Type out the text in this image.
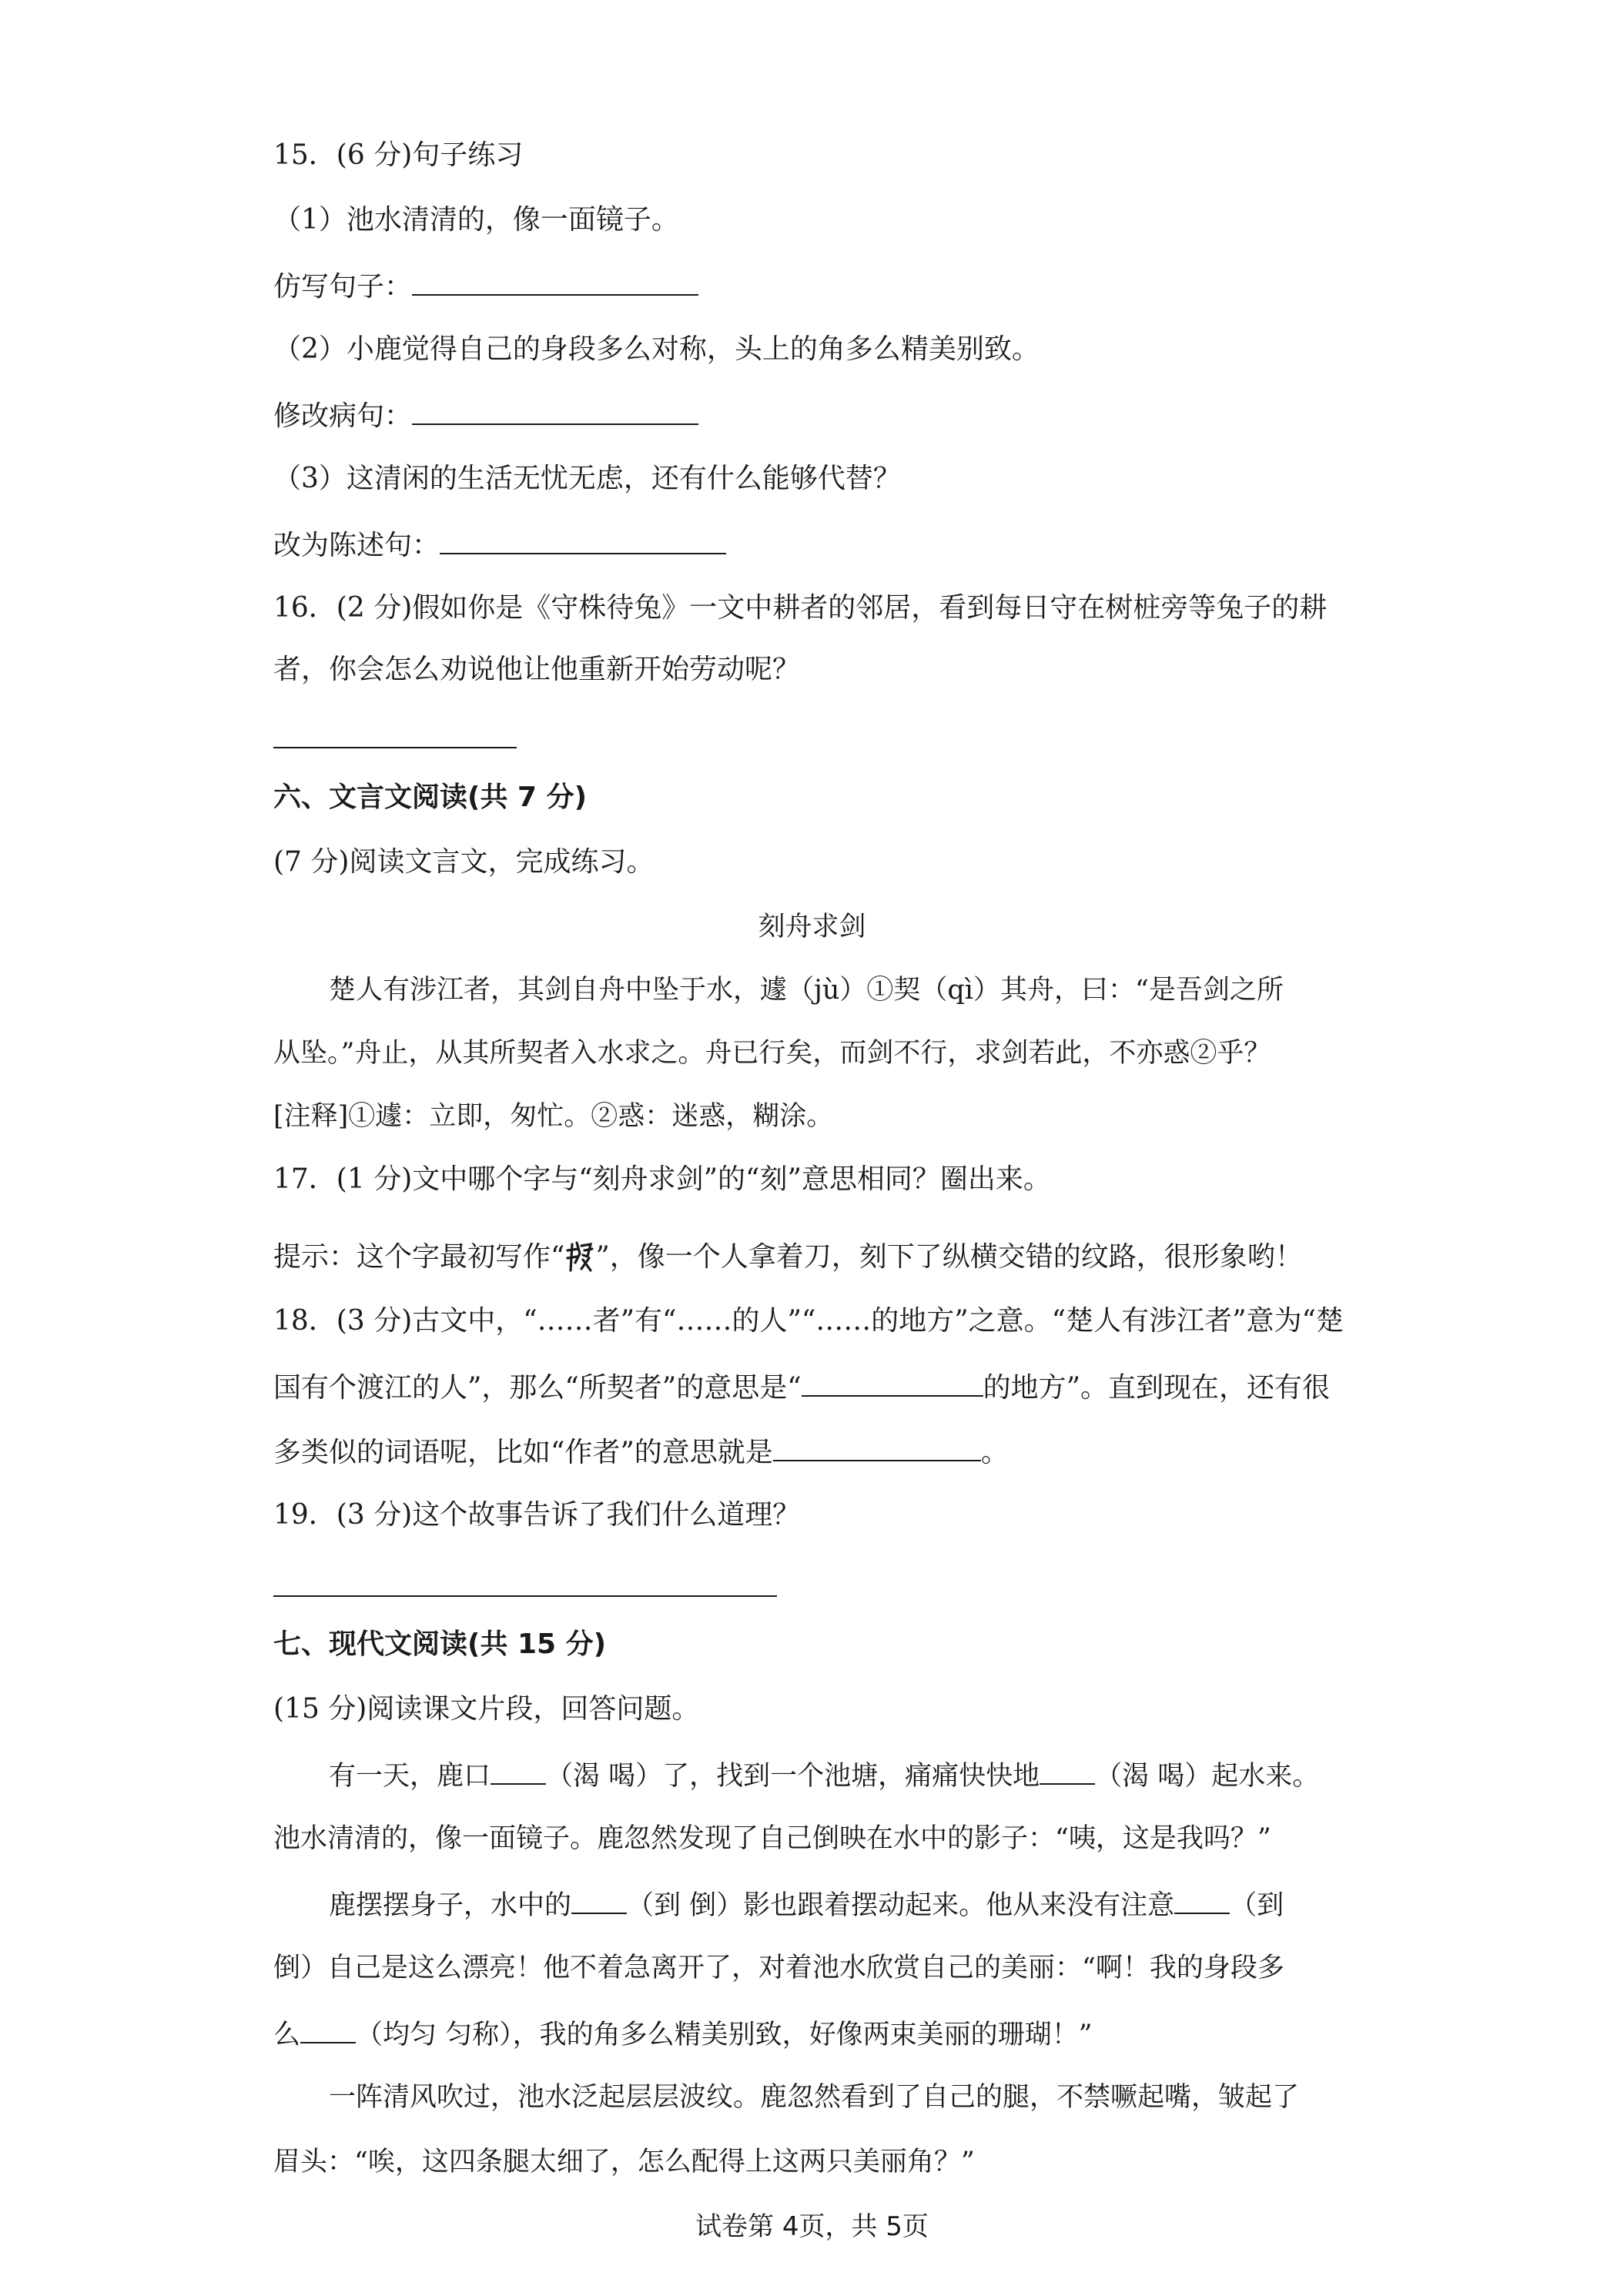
15．(6 分)句子练习
（1）池水清清的，像一面镜子。
仿写句子：
（2）小鹿觉得自己的身段多么对称，头上的角多么精美别致。
修改病句：
（3）这清闲的生活无忧无虑，还有什么能够代替？
改为陈述句：
16．(2 分)假如你是《守株待兔》一文中耕者的邻居，看到每日守在树桩旁等兔子的耕
者，你会怎么劝说他让他重新开始劳动呢？
六、文言文阅读(共 7 分)
(7 分)阅读文言文，完成练习。
刻舟求剑
楚人有涉江者，其剑自舟中坠于水，遽（jù）①契（qì）其舟，曰：“是吾剑之所
从坠。”舟止，从其所契者入水求之。舟已行矣，而剑不行，求剑若此，不亦惑②乎？
[注释]①遽：立即，匆忙。②惑：迷惑，糊涂。
17．(1 分)文中哪个字与“刻舟求剑”的“刻”意思相同？圈出来。
提示：这个字最初写作“ ”，像一个人拿着刀，刻下了纵横交错的纹路，很形象哟！
18．(3 分)古文中，“……者”有“……的人”“……的地方”之意。“楚人有涉江者”意为“楚
国有个渡江的人”，那么“所契者”的意思是“	的地方”。直到现在，还有很
多类似的词语呢，比如“作者”的意思就是	。
19．(3 分)这个故事告诉了我们什么道理？
七、现代文阅读(共 15 分)
(15 分)阅读课文片段，回答问题。
有一天，鹿口 （渴 喝）了，找到一个池塘，痛痛快快地 （渴 喝）起水来。
池水清清的，像一面镜子。鹿忽然发现了自己倒映在水中的影子：“咦，这是我吗？”
鹿摆摆身子，水中的 （到 倒）影也跟着摆动起来。他从来没有注意 （到
倒）自己是这么漂亮！他不着急离开了，对着池水欣赏自己的美丽：“啊！我的身段多
么 （均匀 匀称），我的角多么精美别致，好像两束美丽的珊瑚！”
一阵清风吹过，池水泛起层层波纹。鹿忽然看到了自己的腿，不禁噘起嘴，皱起了
眉头：“唉，这四条腿太细了，怎么配得上这两只美丽角？”
试卷第 4页，共 5页
